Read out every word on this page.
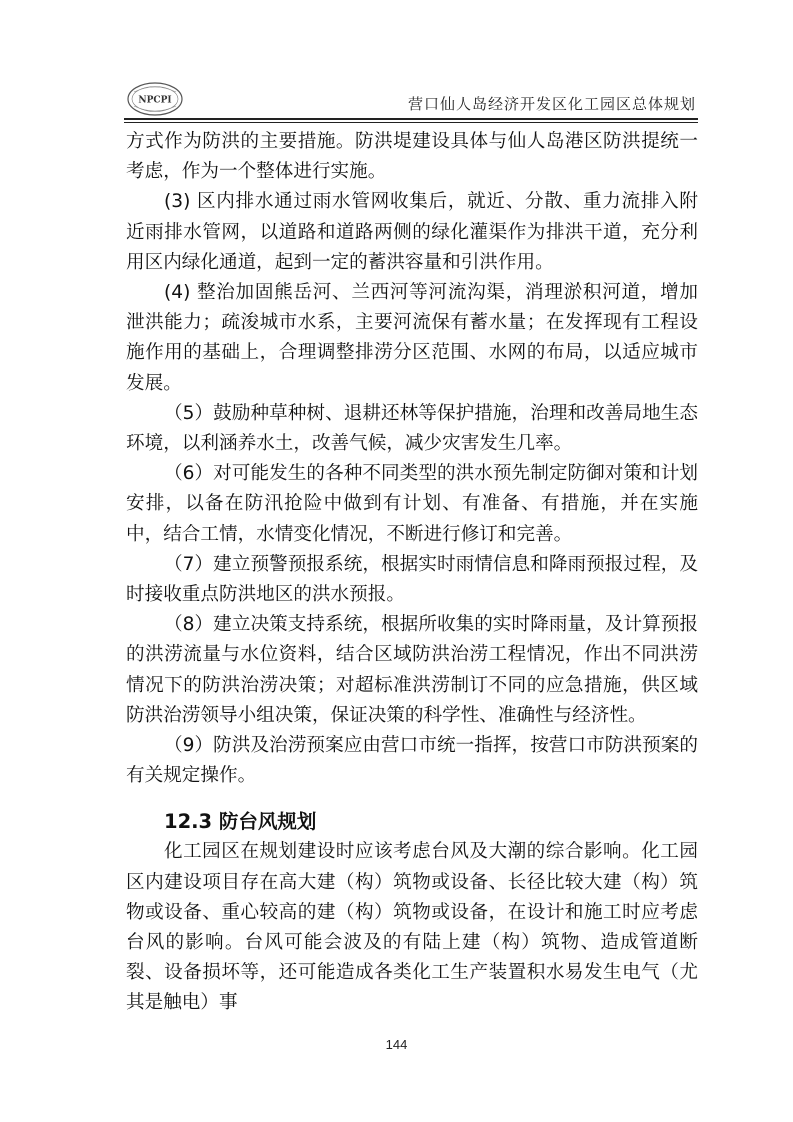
NPCPI	营口仙人岛经济开发区化工园区总体规划

方式作为防洪的主要措施。防洪堤建设具体与仙人岛港区防洪提统一考虑，作为一个整体进行实施。

(3) 区内排水通过雨水管网收集后，就近、分散、重力流排入附近雨排水管网，以道路和道路两侧的绿化灌渠作为排洪干道，充分利用区内绿化通道，起到一定的蓄洪容量和引洪作用。

(4) 整治加固熊岳河、兰西河等河流沟渠，消理淤积河道，增加泄洪能力；疏浚城市水系，主要河流保有蓄水量；在发挥现有工程设施作用的基础上，合理调整排涝分区范围、水网的布局，以适应城市发展。

（5）鼓励种草种树、退耕还林等保护措施，治理和改善局地生态环境，以利涵养水土，改善气候，减少灾害发生几率。

（6）对可能发生的各种不同类型的洪水预先制定防御对策和计划安排，以备在防汛抢险中做到有计划、有准备、有措施，并在实施中，结合工情，水情变化情况，不断进行修订和完善。

（7）建立预警预报系统，根据实时雨情信息和降雨预报过程，及时接收重点防洪地区的洪水预报。

（8）建立决策支持系统，根据所收集的实时降雨量，及计算预报的洪涝流量与水位资料，结合区域防洪治涝工程情况，作出不同洪涝情况下的防洪治涝决策；对超标准洪涝制订不同的应急措施，供区域防洪治涝领导小组决策，保证决策的科学性、准确性与经济性。

（9）防洪及治涝预案应由营口市统一指挥，按营口市防洪预案的有关规定操作。

12.3 防台风规划

化工园区在规划建设时应该考虑台风及大潮的综合影响。化工园区内建设项目存在高大建（构）筑物或设备、长径比较大建（构）筑物或设备、重心较高的建（构）筑物或设备，在设计和施工时应考虑台风的影响。台风可能会波及的有陆上建（构）筑物、造成管道断裂、设备损坏等，还可能造成各类化工生产装置积水易发生电气（尤其是触电）事

144
